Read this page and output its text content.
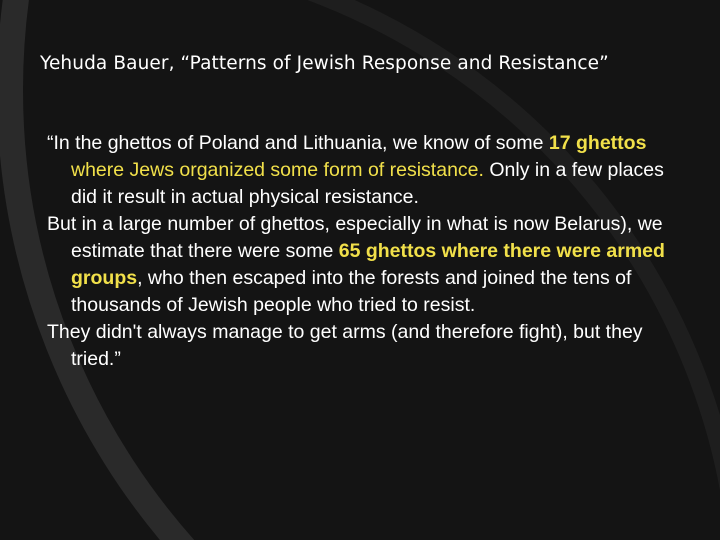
Yehuda Bauer, “Patterns of Jewish Response and Resistance”

“In the ghettos of Poland and Lithuania, we know of some 17 ghettos where Jews organized some form of resistance. Only in a few places did it result in actual physical resistance.

But in a large number of ghettos, especially in what is now Belarus), we estimate that there were some 65 ghettos where there were armed groups, who then escaped into the forests and joined the tens of thousands of Jewish people who tried to resist.

They didn't always manage to get arms (and therefore fight), but they tried.”
